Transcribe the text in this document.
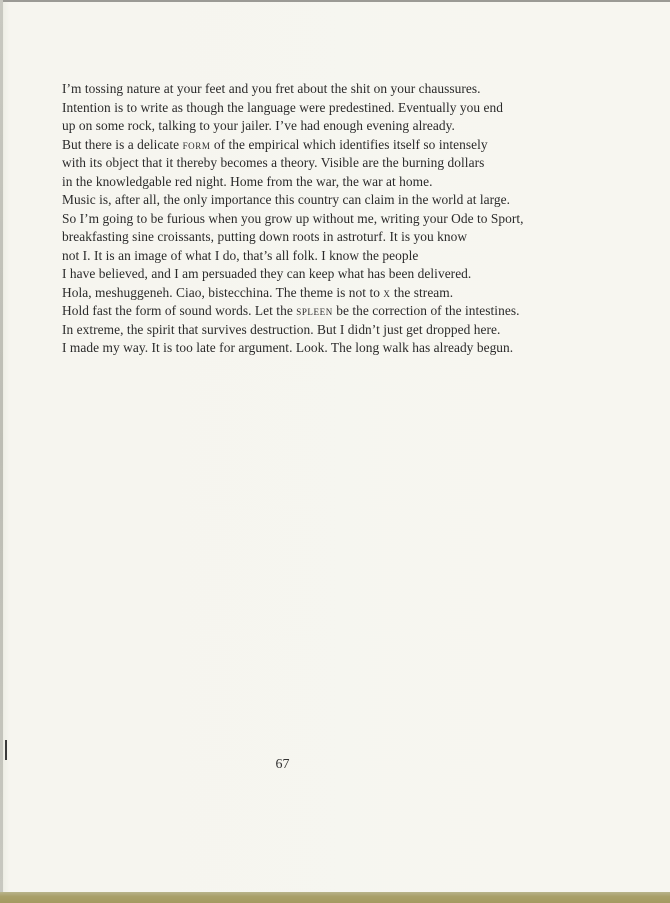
I’m tossing nature at your feet and you fret about the shit on your chaussures.
Intention is to write as though the language were predestined. Eventually you end
up on some rock, talking to your jailer. I’ve had enough evening already.
But there is a delicate form of the empirical which identifies itself so intensely
with its object that it thereby becomes a theory. Visible are the burning dollars
in the knowledgable red night. Home from the war, the war at home.
Music is, after all, the only importance this country can claim in the world at large.
So I’m going to be furious when you grow up without me, writing your Ode to Sport,
breakfasting sine croissants, putting down roots in astroturf. It is you know
not I. It is an image of what I do, that’s all folk. I know the people
I have believed, and I am persuaded they can keep what has been delivered.
Hola, meshuggeneh. Ciao, bistecchina. The theme is not to x the stream.
Hold fast the form of sound words. Let the spleen be the correction of the intestines.
In extreme, the spirit that survives destruction. But I didn’t just get dropped here.
I made my way. It is too late for argument. Look. The long walk has already begun.
67
